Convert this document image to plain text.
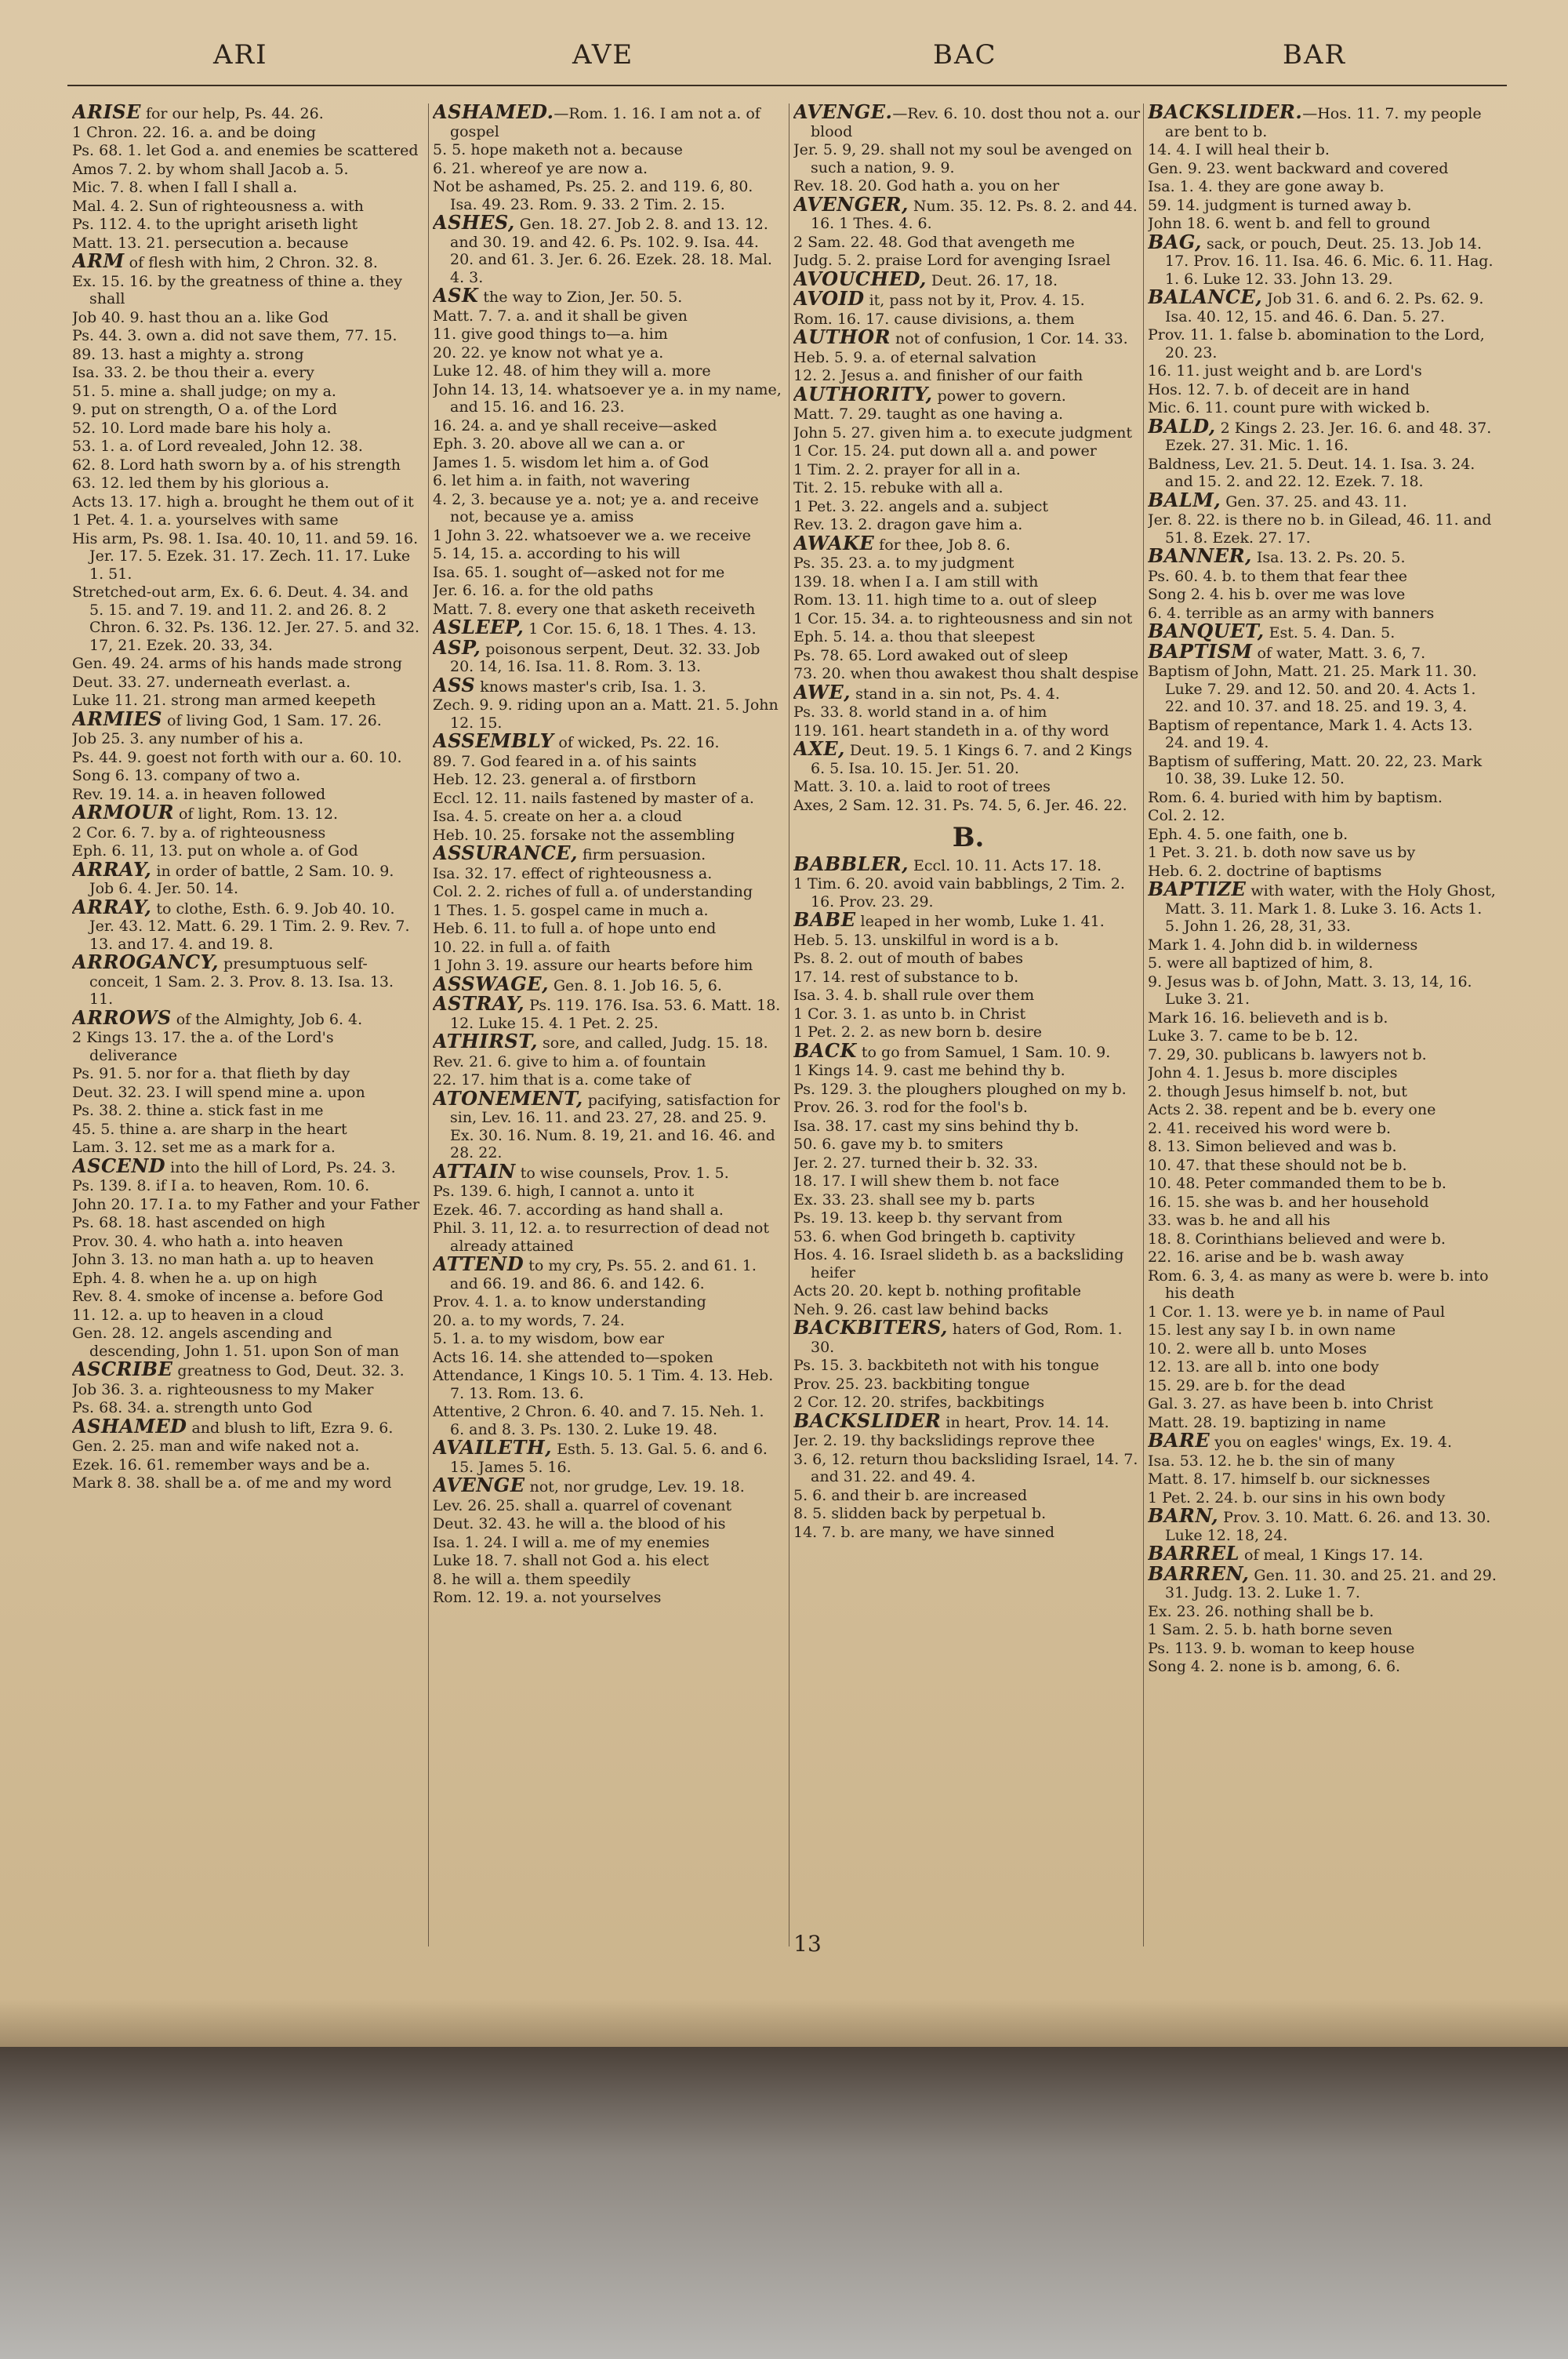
ARI	AVE	BAC	BAR

ARISE for our help, Ps. 44. 26.

1 Chron. 22. 16. a. and be doing

Ps. 68. 1. let God a. and enemies be scattered

Amos 7. 2. by whom shall Jacob a. 5.

Mic. 7. 8. when I fall I shall a.

Mal. 4. 2. Sun of righteousness a. with

Ps. 112. 4. to the upright ariseth light

Matt. 13. 21. persecution a. because

ARM of flesh with him, 2 Chron. 32. 8.

Ex. 15. 16. by the greatness of thine a. they shall

Job 40. 9. hast thou an a. like God

Ps. 44. 3. own a. did not save them, 77. 15.

89. 13. hast a mighty a. strong

Isa. 33. 2. be thou their a. every

51. 5. mine a. shall judge; on my a.

9. put on strength, O a. of the Lord

52. 10. Lord made bare his holy a.

53. 1. a. of Lord revealed, John 12. 38.

62. 8. Lord hath sworn by a. of his strength

63. 12. led them by his glorious a.

Acts 13. 17. high a. brought he them out of it

1 Pet. 4. 1. a. yourselves with same

His arm, Ps. 98. 1. Isa. 40. 10, 11. and 59. 16. Jer. 17. 5. Ezek. 31. 17. Zech. 11. 17. Luke 1. 51.

Stretched-out arm, Ex. 6. 6. Deut. 4. 34. and 5. 15. and 7. 19. and 11. 2. and 26. 8. 2 Chron. 6. 32. Ps. 136. 12. Jer. 27. 5. and 32. 17, 21. Ezek. 20. 33, 34.

Gen. 49. 24. arms of his hands made strong

Deut. 33. 27. underneath everlast. a.

Luke 11. 21. strong man armed keepeth

ARMIES of living God, 1 Sam. 17. 26.

Job 25. 3. any number of his a.

Ps. 44. 9. goest not forth with our a. 60. 10.

Song 6. 13. company of two a.

Rev. 19. 14. a. in heaven followed

ARMOUR of light, Rom. 13. 12.

2 Cor. 6. 7. by a. of righteousness

Eph. 6. 11, 13. put on whole a. of God

ARRAY, in order of battle, 2 Sam. 10. 9. Job 6. 4. Jer. 50. 14.

ARRAY, to clothe, Esth. 6. 9. Job 40. 10. Jer. 43. 12. Matt. 6. 29. 1 Tim. 2. 9. Rev. 7. 13. and 17. 4. and 19. 8.

ARROGANCY, presumptuous self-conceit, 1 Sam. 2. 3. Prov. 8. 13. Isa. 13. 11.

ARROWS of the Almighty, Job 6. 4.

2 Kings 13. 17. the a. of the Lord's deliverance

Ps. 91. 5. nor for a. that flieth by day

Deut. 32. 23. I will spend mine a. upon

Ps. 38. 2. thine a. stick fast in me

45. 5. thine a. are sharp in the heart

Lam. 3. 12. set me as a mark for a.

ASCEND into the hill of Lord, Ps. 24. 3.

Ps. 139. 8. if I a. to heaven, Rom. 10. 6.

John 20. 17. I a. to my Father and your Father

Ps. 68. 18. hast ascended on high

Prov. 30. 4. who hath a. into heaven

John 3. 13. no man hath a. up to heaven

Eph. 4. 8. when he a. up on high

Rev. 8. 4. smoke of incense a. before God

11. 12. a. up to heaven in a cloud

Gen. 28. 12. angels ascending and descending, John 1. 51. upon Son of man

ASCRIBE greatness to God, Deut. 32. 3.

Job 36. 3. a. righteousness to my Maker

Ps. 68. 34. a. strength unto God

ASHAMED and blush to lift, Ezra 9. 6.

Gen. 2. 25. man and wife naked not a.

Ezek. 16. 61. remember ways and be a.

Mark 8. 38. shall be a. of me and my word

ASHAMED.—Rom. 1. 16. I am not a. of gospel

5. 5. hope maketh not a. because

6. 21. whereof ye are now a.

Not be ashamed, Ps. 25. 2. and 119. 6, 80. Isa. 49. 23. Rom. 9. 33. 2 Tim. 2. 15.

ASHES, Gen. 18. 27. Job 2. 8. and 13. 12. and 30. 19. and 42. 6. Ps. 102. 9. Isa. 44. 20. and 61. 3. Jer. 6. 26. Ezek. 28. 18. Mal. 4. 3.

ASK the way to Zion, Jer. 50. 5.

Matt. 7. 7. a. and it shall be given

11. give good things to—a. him

20. 22. ye know not what ye a.

Luke 12. 48. of him they will a. more

John 14. 13, 14. whatsoever ye a. in my name, and 15. 16. and 16. 23.

16. 24. a. and ye shall receive—asked

Eph. 3. 20. above all we can a. or

James 1. 5. wisdom let him a. of God

6. let him a. in faith, not wavering

4. 2, 3. because ye a. not; ye a. and receive not, because ye a. amiss

1 John 3. 22. whatsoever we a. we receive

5. 14, 15. a. according to his will

Isa. 65. 1. sought of—asked not for me

Jer. 6. 16. a. for the old paths

Matt. 7. 8. every one that asketh receiveth

ASLEEP, 1 Cor. 15. 6, 18. 1 Thes. 4. 13.

ASP, poisonous serpent, Deut. 32. 33. Job 20. 14, 16. Isa. 11. 8. Rom. 3. 13.

ASS knows master's crib, Isa. 1. 3.

Zech. 9. 9. riding upon an a. Matt. 21. 5. John 12. 15.

ASSEMBLY of wicked, Ps. 22. 16.

89. 7. God feared in a. of his saints

Heb. 12. 23. general a. of firstborn

Eccl. 12. 11. nails fastened by master of a.

Isa. 4. 5. create on her a. a cloud

Heb. 10. 25. forsake not the assembling

ASSURANCE, firm persuasion.

Isa. 32. 17. effect of righteousness a.

Col. 2. 2. riches of full a. of understanding

1 Thes. 1. 5. gospel came in much a.

Heb. 6. 11. to full a. of hope unto end

10. 22. in full a. of faith

1 John 3. 19. assure our hearts before him

ASSWAGE, Gen. 8. 1. Job 16. 5, 6.

ASTRAY, Ps. 119. 176. Isa. 53. 6. Matt. 18. 12. Luke 15. 4. 1 Pet. 2. 25.

ATHIRST, sore, and called, Judg. 15. 18.

Rev. 21. 6. give to him a. of fountain

22. 17. him that is a. come take of

ATONEMENT, pacifying, satisfaction for sin, Lev. 16. 11. and 23. 27, 28. and 25. 9. Ex. 30. 16. Num. 8. 19, 21. and 16. 46. and 28. 22.

ATTAIN to wise counsels, Prov. 1. 5.

Ps. 139. 6. high, I cannot a. unto it

Ezek. 46. 7. according as hand shall a.

Phil. 3. 11, 12. a. to resurrection of dead not already attained

ATTEND to my cry, Ps. 55. 2. and 61. 1. and 66. 19. and 86. 6. and 142. 6.

Prov. 4. 1. a. to know understanding

20. a. to my words, 7. 24.

5. 1. a. to my wisdom, bow ear

Acts 16. 14. she attended to—spoken

Attendance, 1 Kings 10. 5. 1 Tim. 4. 13. Heb. 7. 13. Rom. 13. 6.

Attentive, 2 Chron. 6. 40. and 7. 15. Neh. 1. 6. and 8. 3. Ps. 130. 2. Luke 19. 48.

AVAILETH, Esth. 5. 13. Gal. 5. 6. and 6. 15. James 5. 16.

AVENGE not, nor grudge, Lev. 19. 18.

Lev. 26. 25. shall a. quarrel of covenant

Deut. 32. 43. he will a. the blood of his

Isa. 1. 24. I will a. me of my enemies

Luke 18. 7. shall not God a. his elect

8. he will a. them speedily

Rom. 12. 19. a. not yourselves

AVENGE.—Rev. 6. 10. dost thou not a. our blood

Jer. 5. 9, 29. shall not my soul be avenged on such a nation, 9. 9.

Rev. 18. 20. God hath a. you on her

AVENGER, Num. 35. 12. Ps. 8. 2. and 44. 16. 1 Thes. 4. 6.

2 Sam. 22. 48. God that avengeth me

Judg. 5. 2. praise Lord for avenging Israel

AVOUCHED, Deut. 26. 17, 18.

AVOID it, pass not by it, Prov. 4. 15.

Rom. 16. 17. cause divisions, a. them

AUTHOR not of confusion, 1 Cor. 14. 33.

Heb. 5. 9. a. of eternal salvation

12. 2. Jesus a. and finisher of our faith

AUTHORITY, power to govern.

Matt. 7. 29. taught as one having a.

John 5. 27. given him a. to execute judgment

1 Cor. 15. 24. put down all a. and power

1 Tim. 2. 2. prayer for all in a.

Tit. 2. 15. rebuke with all a.

1 Pet. 3. 22. angels and a. subject

Rev. 13. 2. dragon gave him a.

AWAKE for thee, Job 8. 6.

Ps. 35. 23. a. to my judgment

139. 18. when I a. I am still with

Rom. 13. 11. high time to a. out of sleep

1 Cor. 15. 34. a. to righteousness and sin not

Eph. 5. 14. a. thou that sleepest

Ps. 78. 65. Lord awaked out of sleep

73. 20. when thou awakest thou shalt despise

AWE, stand in a. sin not, Ps. 4. 4.

Ps. 33. 8. world stand in a. of him

119. 161. heart standeth in a. of thy word

AXE, Deut. 19. 5. 1 Kings 6. 7. and 2 Kings 6. 5. Isa. 10. 15. Jer. 51. 20.

Matt. 3. 10. a. laid to root of trees

Axes, 2 Sam. 12. 31. Ps. 74. 5, 6. Jer. 46. 22.

B.

BABBLER, Eccl. 10. 11. Acts 17. 18.

1 Tim. 6. 20. avoid vain babblings, 2 Tim. 2. 16. Prov. 23. 29.

BABE leaped in her womb, Luke 1. 41.

Heb. 5. 13. unskilful in word is a b.

Ps. 8. 2. out of mouth of babes

17. 14. rest of substance to b.

Isa. 3. 4. b. shall rule over them

1 Cor. 3. 1. as unto b. in Christ

1 Pet. 2. 2. as new born b. desire

BACK to go from Samuel, 1 Sam. 10. 9.

1 Kings 14. 9. cast me behind thy b.

Ps. 129. 3. the ploughers ploughed on my b.

Prov. 26. 3. rod for the fool's b.

Isa. 38. 17. cast my sins behind thy b.

50. 6. gave my b. to smiters

Jer. 2. 27. turned their b. 32. 33.

18. 17. I will shew them b. not face

Ex. 33. 23. shall see my b. parts

Ps. 19. 13. keep b. thy servant from

53. 6. when God bringeth b. captivity

Hos. 4. 16. Israel slideth b. as a backsliding heifer

Acts 20. 20. kept b. nothing profitable

Neh. 9. 26. cast law behind backs

BACKBITERS, haters of God, Rom. 1. 30.

Ps. 15. 3. backbiteth not with his tongue

Prov. 25. 23. backbiting tongue

2 Cor. 12. 20. strifes, backbitings

BACKSLIDER in heart, Prov. 14. 14.

Jer. 2. 19. thy backslidings reprove thee

3. 6, 12. return thou backsliding Israel, 14. 7. and 31. 22. and 49. 4.

5. 6. and their b. are increased

8. 5. slidden back by perpetual b.

14. 7. b. are many, we have sinned

BACKSLIDER.—Hos. 11. 7. my people are bent to b.

14. 4. I will heal their b.

Gen. 9. 23. went backward and covered

Isa. 1. 4. they are gone away b.

59. 14. judgment is turned away b.

John 18. 6. went b. and fell to ground

BAG, sack, or pouch, Deut. 25. 13. Job 14. 17. Prov. 16. 11. Isa. 46. 6. Mic. 6. 11. Hag. 1. 6. Luke 12. 33. John 13. 29.

BALANCE, Job 31. 6. and 6. 2. Ps. 62. 9. Isa. 40. 12, 15. and 46. 6. Dan. 5. 27.

Prov. 11. 1. false b. abomination to the Lord, 20. 23.

16. 11. just weight and b. are Lord's

Hos. 12. 7. b. of deceit are in hand

Mic. 6. 11. count pure with wicked b.

BALD, 2 Kings 2. 23. Jer. 16. 6. and 48. 37. Ezek. 27. 31. Mic. 1. 16.

Baldness, Lev. 21. 5. Deut. 14. 1. Isa. 3. 24. and 15. 2. and 22. 12. Ezek. 7. 18.

BALM, Gen. 37. 25. and 43. 11.

Jer. 8. 22. is there no b. in Gilead, 46. 11. and 51. 8. Ezek. 27. 17.

BANNER, Isa. 13. 2. Ps. 20. 5.

Ps. 60. 4. b. to them that fear thee

Song 2. 4. his b. over me was love

6. 4. terrible as an army with banners

BANQUET, Est. 5. 4. Dan. 5.

BAPTISM of water, Matt. 3. 6, 7.

Baptism of John, Matt. 21. 25. Mark 11. 30. Luke 7. 29. and 12. 50. and 20. 4. Acts 1. 22. and 10. 37. and 18. 25. and 19. 3, 4.

Baptism of repentance, Mark 1. 4. Acts 13. 24. and 19. 4.

Baptism of suffering, Matt. 20. 22, 23. Mark 10. 38, 39. Luke 12. 50.

Rom. 6. 4. buried with him by baptism.

Col. 2. 12.

Eph. 4. 5. one faith, one b.

1 Pet. 3. 21. b. doth now save us by

Heb. 6. 2. doctrine of baptisms

BAPTIZE with water, with the Holy Ghost, Matt. 3. 11. Mark 1. 8. Luke 3. 16. Acts 1. 5. John 1. 26, 28, 31, 33.

Mark 1. 4. John did b. in wilderness

5. were all baptized of him, 8.

9. Jesus was b. of John, Matt. 3. 13, 14, 16. Luke 3. 21.

Mark 16. 16. believeth and is b.

Luke 3. 7. came to be b. 12.

7. 29, 30. publicans b. lawyers not b.

John 4. 1. Jesus b. more disciples

2. though Jesus himself b. not, but

Acts 2. 38. repent and be b. every one

2. 41. received his word were b.

8. 13. Simon believed and was b.

10. 47. that these should not be b.

10. 48. Peter commanded them to be b.

16. 15. she was b. and her household

33. was b. he and all his

18. 8. Corinthians believed and were b.

22. 16. arise and be b. wash away

Rom. 6. 3, 4. as many as were b. were b. into his death

1 Cor. 1. 13. were ye b. in name of Paul

15. lest any say I b. in own name

10. 2. were all b. unto Moses

12. 13. are all b. into one body

15. 29. are b. for the dead

Gal. 3. 27. as have been b. into Christ

Matt. 28. 19. baptizing in name

BARE you on eagles' wings, Ex. 19. 4.

Isa. 53. 12. he b. the sin of many

Matt. 8. 17. himself b. our sicknesses

1 Pet. 2. 24. b. our sins in his own body

BARN, Prov. 3. 10. Matt. 6. 26. and 13. 30. Luke 12. 18, 24.

BARREL of meal, 1 Kings 17. 14.

BARREN, Gen. 11. 30. and 25. 21. and 29. 31. Judg. 13. 2. Luke 1. 7.

Ex. 23. 26. nothing shall be b.

1 Sam. 2. 5. b. hath borne seven

Ps. 113. 9. b. woman to keep house

Song 4. 2. none is b. among, 6. 6.

13
